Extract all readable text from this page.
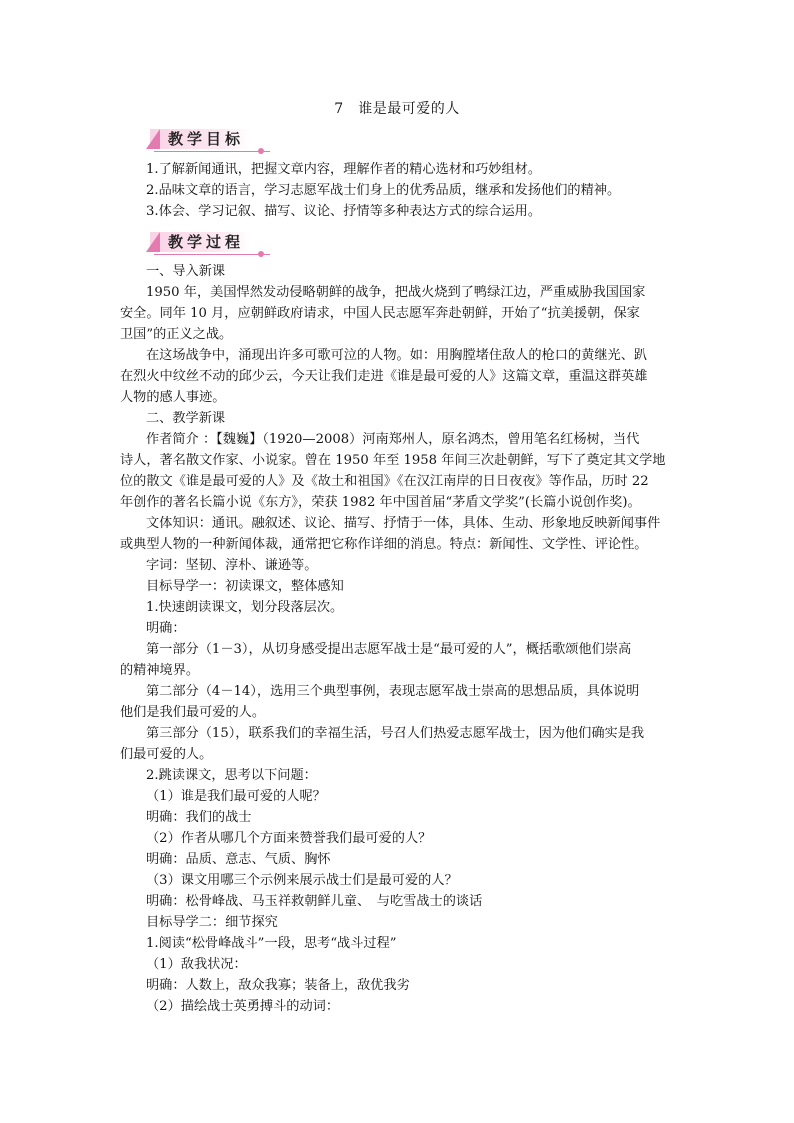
7　谁是最可爱的人
教学目标
1.了解新闻通讯，把握文章内容，理解作者的精心选材和巧妙组材。
2.品味文章的语言，学习志愿军战士们身上的优秀品质，继承和发扬他们的精神。
3.体会、学习记叙、描写、议论、抒情等多种表达方式的综合运用。
教学过程
一、导入新课
1950 年，美国悍然发动侵略朝鲜的战争，把战火烧到了鸭绿江边，严重威胁我国国家
安全。同年 10 月，应朝鲜政府请求，中国人民志愿军奔赴朝鲜，开始了“抗美援朝，保家
卫国”的正义之战。
在这场战争中，涌现出许多可歌可泣的人物。如：用胸膛堵住敌人的枪口的黄继光、趴
在烈火中纹丝不动的邱少云，今天让我们走进《谁是最可爱的人》这篇文章，重温这群英雄
人物的感人事迹。
二、教学新课
作者简介 ：【魏巍】（1920—2008）河南郑州人，原名鸿杰，曾用笔名红杨树，当代
诗人，著名散文作家、小说家。曾在 1950 年至 1958 年间三次赴朝鲜，写下了奠定其文学地
位的散文《谁是最可爱的人》及《故土和祖国》《在汉江南岸的日日夜夜》等作品，历时 22
年创作的著名长篇小说《东方》，荣获 1982 年中国首届“茅盾文学奖”(长篇小说创作奖)。
文体知识：通讯。融叙述、议论、描写、抒情于一体，具体、生动、形象地反映新闻事件
或典型人物的一种新闻体裁，通常把它称作详细的消息。特点：新闻性、文学性、评论性。
字词：坚韧、淳朴、谦逊等。
目标导学一：初读课文，整体感知
1.快速朗读课文，划分段落层次。
明确：
第一部分（1－3），从切身感受提出志愿军战士是“最可爱的人”，概括歌颂他们崇高
的精神境界。
第二部分（4－14），选用三个典型事例，表现志愿军战士崇高的思想品质，具体说明
他们是我们最可爱的人。
第三部分（15），联系我们的幸福生活，号召人们热爱志愿军战士，因为他们确实是我
们最可爱的人。
2.跳读课文，思考以下问题：
（1）谁是我们最可爱的人呢？
明确：我们的战士
（2）作者从哪几个方面来赞誉我们最可爱的人？
明确：品质、意志、气质、胸怀
（3）课文用哪三个示例来展示战士们是最可爱的人？
明确：松骨峰战、马玉祥救朝鲜儿童、　与吃雪战士的谈话
目标导学二：细节探究
1.阅读“松骨峰战斗”一段，思考“战斗过程”
（1）敌我状况：
明确：人数上，敌众我寡；装备上，敌优我劣
（2）描绘战士英勇搏斗的动词：
